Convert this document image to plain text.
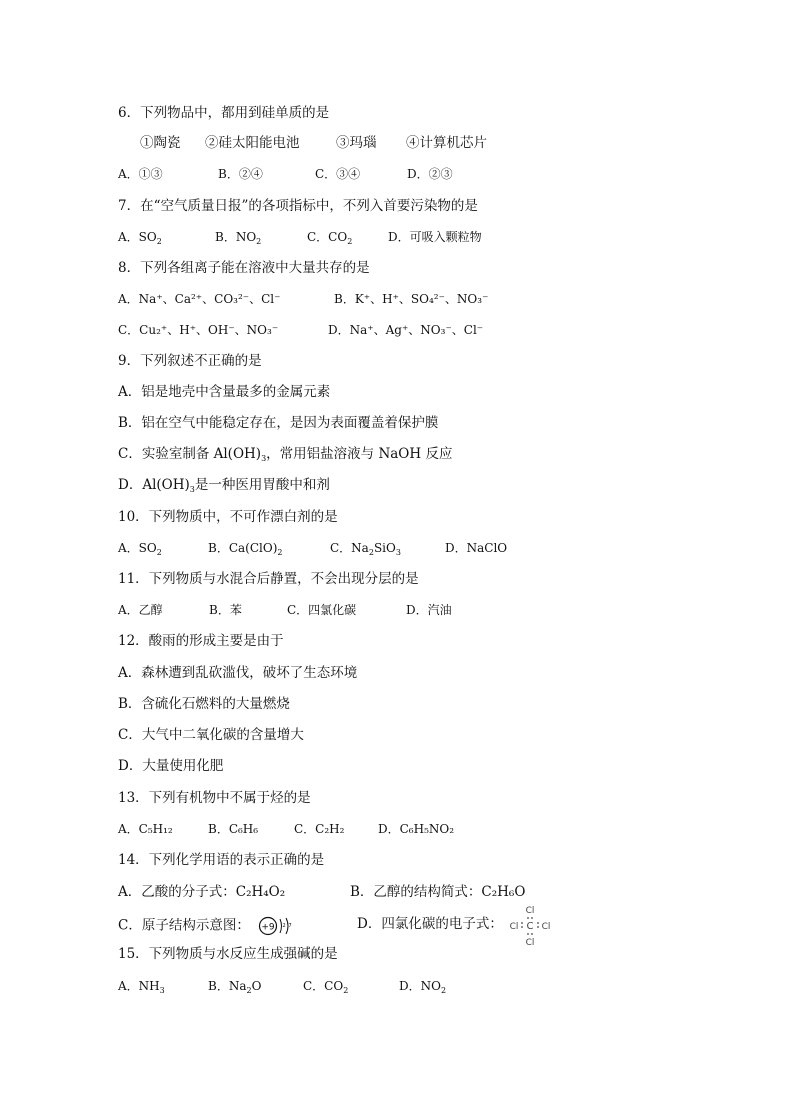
6．下列物品中，都用到硅单质的是
①陶瓷 ②硅太阳能电池	③玛瑙 ④计算机芯片
A．①③	B．②④	C．③④	D．②③
7．在“空气质量日报”的各项指标中，不列入首要污染物的是
A．$SO_2$	B．$NO_2$	C．$CO_2$	D．可吸入颗粒物
8．下列各组离子能在溶液中大量共存的是
A．Na⁺、Ca²⁺、CO₃²⁻、Cl⁻	B．K⁺、H⁺、SO₄²⁻、NO₃⁻
C．Cu₂⁺、H⁺、OH⁻、NO₃⁻	D．Na⁺、Ag⁺、NO₃⁻、Cl⁻
9．下列叙述不正确的是
A．铝是地壳中含量最多的金属元素
B．铝在空气中能稳定存在，是因为表面覆盖着保护膜
C．实验室制备 $Al(OH)_3$，常用铝盐溶液与 NaOH 反应
D．$Al(OH)_3$是一种医用胃酸中和剂
10．下列物质中，不可作漂白剂的是
A．$SO_2$	B．$Ca(ClO)_2$	C．$Na_2SiO_3$	D．NaClO
11．下列物质与水混合后静置，不会出现分层的是
A．乙醇	B．苯	C．四氯化碳	D．汽油
12．酸雨的形成主要是由于
A．森林遭到乱砍滥伐，破坏了生态环境
B．含硫化石燃料的大量燃烧
C．大气中二氧化碳的含量增大
D．大量使用化肥
13．下列有机物中不属于烃的是
A．C₅H₁₂	B．C₆H₆	C．C₂H₂	D．C₆H₅NO₂
14．下列化学用语的表示正确的是
A．乙酸的分子式：C₂H₄O₂	B．乙醇的结构简式：C₂H₆O
C．原子结构示意图： +9 2 7	D．四氯化碳的电子式：
Cl
Cl C Cl
Cl
15．下列物质与水反应生成强碱的是
A．$NH_3$	B．$Na_2O$	C．$CO_2$	D．$NO_2$
